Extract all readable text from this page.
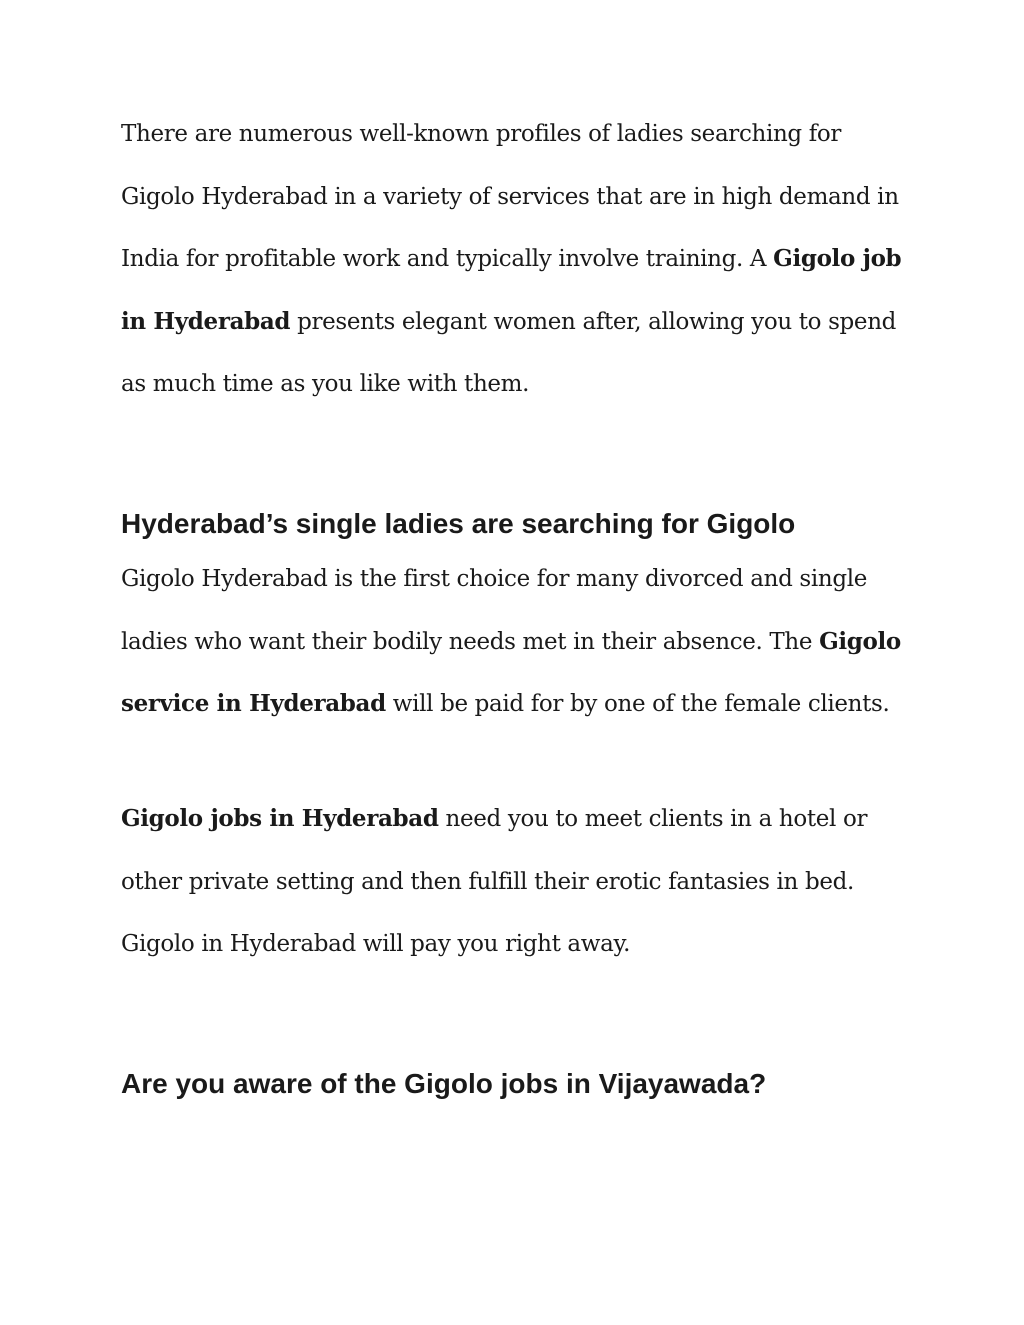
There are numerous well-known profiles of ladies searching for Gigolo Hyderabad in a variety of services that are in high demand in India for profitable work and typically involve training. A Gigolo job in Hyderabad presents elegant women after, allowing you to spend as much time as you like with them.

Hyderabad’s single ladies are searching for Gigolo

Gigolo Hyderabad is the first choice for many divorced and single ladies who want their bodily needs met in their absence. The Gigolo service in Hyderabad will be paid for by one of the female clients.

Gigolo jobs in Hyderabad need you to meet clients in a hotel or other private setting and then fulfill their erotic fantasies in bed. Gigolo in Hyderabad will pay you right away.

Are you aware of the Gigolo jobs in Vijayawada?
